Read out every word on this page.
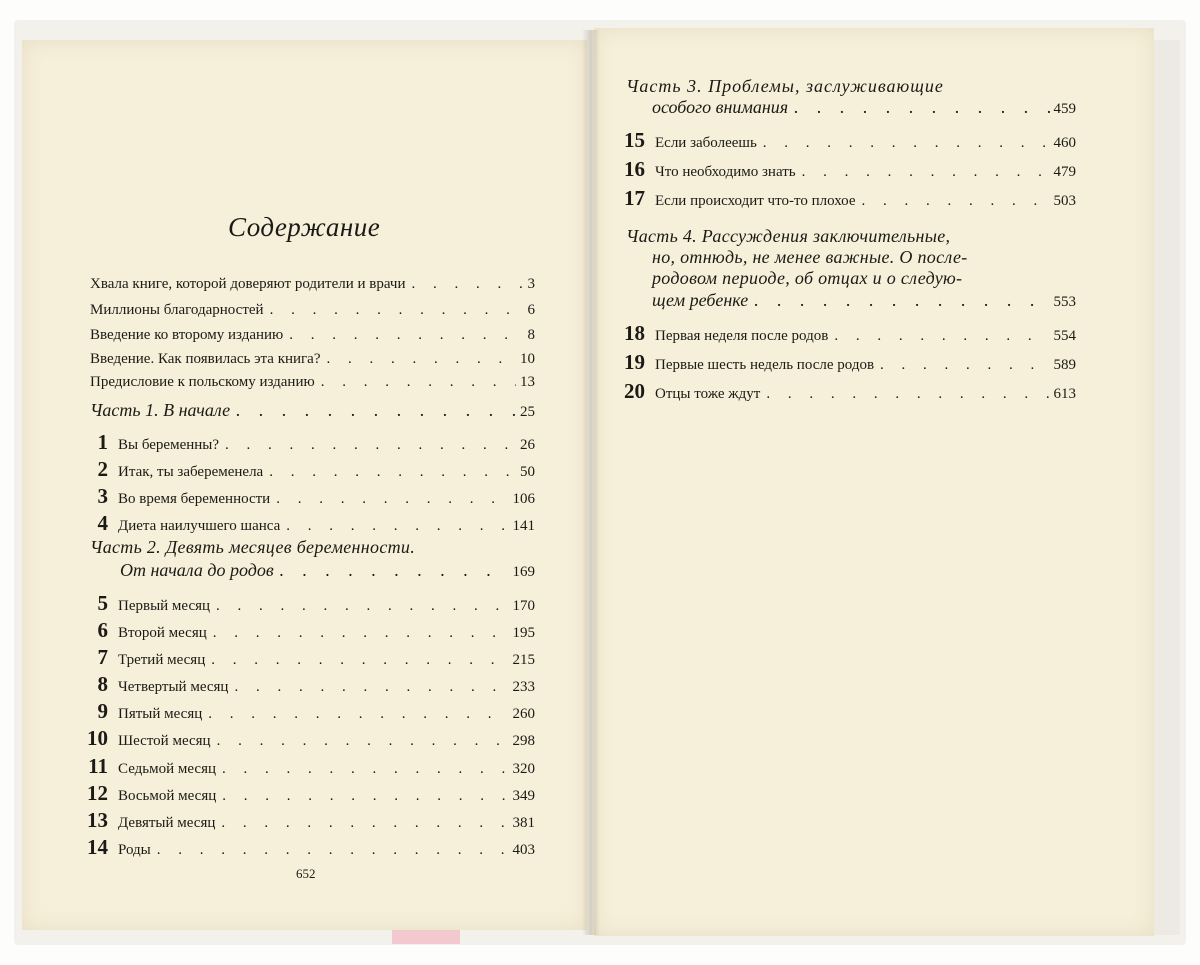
Содержание
Хвала книге, которой доверяют родители и врачи . . .	3
Миллионы благодарностей . . .	6
Введение ко второму изданию . . .	8
Введение. Как появилась эта книга? . . .	10
Предисловие к польскому изданию . . .	13
Часть 1. В начале . . .	25
1 Вы беременны? . . .	26
2 Итак, ты забеременела . . .	50
3 Во время беременности . . .	106
4 Диета наилучшего шанса . . .	141
Часть 2. Девять месяцев беременности.
От начала до родов . . .	169
5 Первый месяц . . .	170
6 Второй месяц . . .	195
7 Третий месяц . . .	215
8 Четвертый месяц . . .	233
9 Пятый месяц . . .	260
10 Шестой месяц . . .	298
11 Седьмой месяц . . .	320
12 Восьмой месяц . . .	349
13 Девятый месяц . . .	381
14 Роды . . .	403
652
Часть 3. Проблемы, заслуживающие
особого внимания . . .	459
15 Если заболеешь . . .	460
16 Что необходимо знать . . .	479
17 Если происходит что-то плохое . . .	503
Часть 4. Рассуждения заключительные,
но, отнюдь, не менее важные. О после-
родовом периоде, об отцах и о следую-
щем ребенке . . .	553
18 Первая неделя после родов . . .	554
19 Первые шесть недель после родов . . .	589
20 Отцы тоже ждут . . .	613
